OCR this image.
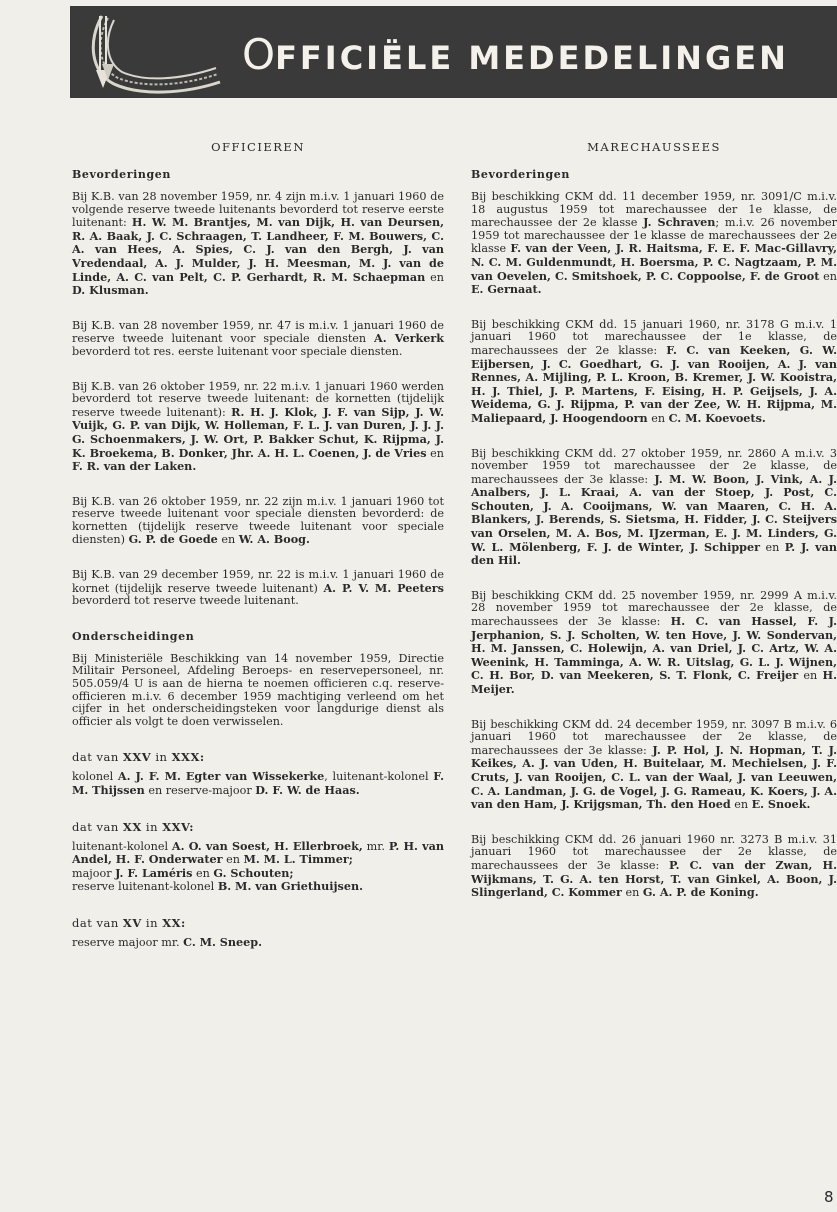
OFFICIËLE MEDEDELINGEN
OFFICIEREN
Bevorderingen

Bij K.B. van 28 november 1959, nr. 4 zijn m.i.v. 1 januari 1960 de volgende reserve tweede luitenants bevorderd tot reserve eerste luitenant: H. W. M. Brantjes, M. van Dijk, H. van Deursen, R. A. Baak, J. C. Schraagen, T. Landheer, F. M. Bouwers, C. A. van Hees, A. Spies, C. J. van den Bergh, J. van Vredendaal, A. J. Mulder, J. H. Meesman, M. J. van de Linde, A. C. van Pelt, C. P. Gerhardt, R. M. Schaepman en D. Klusman.

Bij K.B. van 28 november 1959, nr. 47 is m.i.v. 1 januari 1960 de reserve tweede luitenant voor speciale diensten A. Verkerk bevorderd tot res. eerste luitenant voor speciale diensten.

Bij K.B. van 26 oktober 1959, nr. 22 m.i.v. 1 januari 1960 werden bevorderd tot reserve tweede luitenant: de kornetten (tijdelijk reserve tweede luitenant): R. H. J. Klok, J. F. van Sijp, J. W. Vuijk, G. P. van Dijk, W. Holleman, F. L. J. van Duren, J. J. J. G. Schoenmakers, J. W. Ort, P. Bakker Schut, K. Rijpma, J. K. Broekema, B. Donker, Jhr. A. H. L. Coenen, J. de Vries en F. R. van der Laken.

Bij K.B. van 26 oktober 1959, nr. 22 zijn m.i.v. 1 januari 1960 tot reserve tweede luitenant voor speciale diensten bevorderd: de kornetten (tijdelijk reserve tweede luitenant voor speciale diensten) G. P. de Goede en W. A. Boog.

Bij K.B. van 29 december 1959, nr. 22 is m.i.v. 1 januari 1960 de kornet (tijdelijk reserve tweede luitenant) A. P. V. M. Peeters bevorderd tot reserve tweede luitenant.

Onderscheidingen

Bij Ministeriële Beschikking van 14 november 1959, Directie Militair Personeel, Afdeling Beroeps- en reservepersoneel, nr. 505.059/4 U is aan de hierna te noemen officieren c.q. reserve-officieren m.i.v. 6 december 1959 machtiging verleend om het cijfer in het onderscheidingsteken voor langdurige dienst als officier als volgt te doen verwisselen.

dat van XXV in XXX:

kolonel A. J. F. M. Egter van Wissekerke, luitenant-kolonel F. M. Thijssen en reserve-majoor D. F. W. de Haas.

dat van XX in XXV:

luitenant-kolonel A. O. van Soest, H. Ellerbroek, mr. P. H. van Andel, H. F. Onderwater en M. M. L. Timmer;

majoor J. F. Laméris en G. Schouten;

reserve luitenant-kolonel B. M. van Griethuijsen.

dat van XV in XX:

reserve majoor mr. C. M. Sneep.

MARECHAUSSEES
Bevorderingen

Bij beschikking CKM dd. 11 december 1959, nr. 3091/C m.i.v. 18 augustus 1959 tot marechaussee der 1e klasse, de marechaussee der 2e klasse J. Schraven; m.i.v. 26 november 1959 tot marechaussee der 1e klasse de marechaussees der 2e klasse F. van der Veen, J. R. Haitsma, F. E. F. Mac-Gillavry, N. C. M. Guldenmundt, H. Boersma, P. C. Nagtzaam, P. M. van Oevelen, C. Smitshoek, P. C. Coppoolse, F. de Groot en E. Gernaat.

Bij beschikking CKM dd. 15 januari 1960, nr. 3178 G m.i.v. 1 januari 1960 tot marechaussee der 1e klasse, de marechaussees der 2e klasse: F. C. van Keeken, G. W. Eijbersen, J. C. Goedhart, G. J. van Rooijen, A. J. van Rennes, A. Mijling, P. L. Kroon, B. Kremer, J. W. Kooistra, H. J. Thiel, J. P. Martens, F. Eising, H. P. Geijsels, J. A. Weidema, G. J. Rijpma, P. van der Zee, W. H. Rijpma, M. Maliepaard, J. Hoogendoorn en C. M. Koevoets.

Bij beschikking CKM dd. 27 oktober 1959, nr. 2860 A m.i.v. 3 november 1959 tot marechaussee der 2e klasse, de marechaussees der 3e klasse: J. M. W. Boon, J. Vink, A. J. Analbers, J. L. Kraai, A. van der Stoep, J. Post, C. Schouten, J. A. Cooijmans, W. van Maaren, C. H. A. Blankers, J. Berends, S. Sietsma, H. Fidder, J. C. Steijvers van Orselen, M. A. Bos, M. IJzerman, E. J. M. Linders, G. W. L. Mölenberg, F. J. de Winter, J. Schipper en P. J. van den Hil.

Bij beschikking CKM dd. 25 november 1959, nr. 2999 A m.i.v. 28 november 1959 tot marechaussee der 2e klasse, de marechaussees der 3e klasse: H. C. van Hassel, F. J. Jerphanion, S. J. Scholten, W. ten Hove, J. W. Sondervan, H. M. Janssen, C. Holewijn, A. van Driel, J. C. Artz, W. A. Weenink, H. Tamminga, A. W. R. Uitslag, G. L. J. Wijnen, C. H. Bor, D. van Meekeren, S. T. Flonk, C. Freijer en H. Meijer.

Bij beschikking CKM dd. 24 december 1959, nr. 3097 B m.i.v. 6 januari 1960 tot marechaussee der 2e klasse, de marechaussees der 3e klasse: J. P. Hol, J. N. Hopman, T. J. Keikes, A. J. van Uden, H. Buitelaar, M. Mechielsen, J. F. Cruts, J. van Rooijen, C. L. van der Waal, J. van Leeuwen, C. A. Landman, J. G. de Vogel, J. G. Rameau, K. Koers, J. A. van den Ham, J. Krijgsman, Th. den Hoed en E. Snoek.

Bij beschikking CKM dd. 26 januari 1960 nr. 3273 B m.i.v. 31 januari 1960 tot marechaussee der 2e klasse, de marechaussees der 3e klasse: P. C. van der Zwan, H. Wijkmans, T. G. A. ten Horst, T. van Ginkel, A. Boon, J. Slingerland, C. Kommer en G. A. P. de Koning.

8
